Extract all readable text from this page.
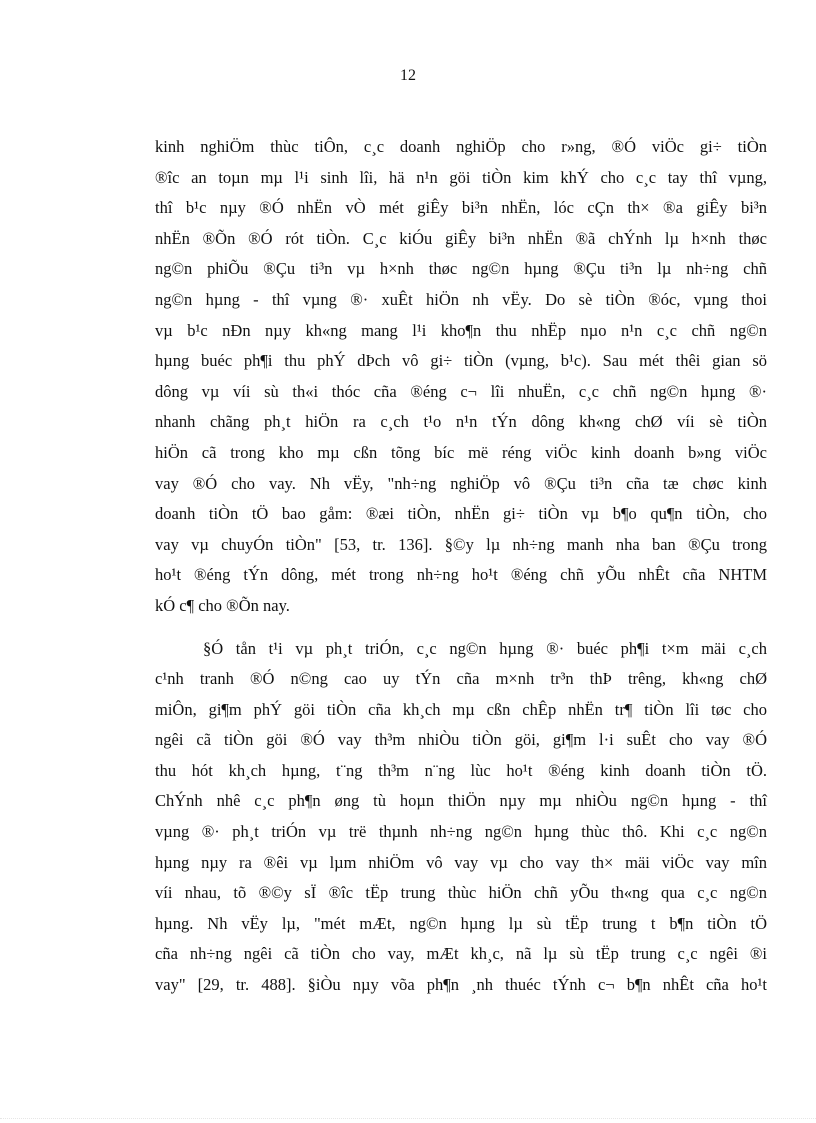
12
kinh nghiÖm thùc tiÔn, c¸c doanh nghiÖp cho r»ng, ®Ó viÖc gi÷ tiÒn
®îc an toµn mµ l¹i sinh lîi, hä n¹n göi tiÒn kim khÝ cho c¸c tay thî vµng,
thî b¹c nµy ®Ó nhËn vÒ mét giÊy bi³n nhËn, lóc cÇn th× ®a giÊy bi³n
nhËn ®Õn ®Ó rót tiÒn. C¸c kiÓu giÊy bi³n nhËn ®ã chÝnh lµ h×nh thøc
ng©n phiÕu ®Çu ti³n vµ h×nh thøc ng©n hµng ®Çu ti³n lµ nh÷ng chñ
ng©n hµng - thî vµng ®· xuÊt hiÖn nh vËy. Do sè tiÒn ®óc, vµng thoi
vµ b¹c nÐn nµy kh«ng mang l¹i kho¶n thu nhËp nµo n¹n c¸c chñ ng©n
hµng buéc ph¶i thu phÝ dÞch vô gi÷ tiÒn (vµng, b¹c). Sau mét thêi gian sö
dông vµ víi sù th«i thóc cña ®éng c¬ lîi nhuËn, c¸c chñ ng©n hµng ®·
nhanh chãng ph¸t hiÖn ra c¸ch t¹o n¹n tÝn dông kh«ng chØ víi sè tiÒn
hiÖn cã trong kho mµ cßn tõng bíc më réng viÖc kinh doanh b»ng viÖc
vay ®Ó cho vay. Nh vËy, "nh÷ng nghiÖp vô ®Çu ti³n cña tæ chøc kinh
doanh tiÒn tÖ bao gåm: ®æi tiÒn, nhËn gi÷ tiÒn vµ b¶o qu¶n tiÒn, cho
vay vµ chuyÓn tiÒn" [53, tr. 136]. §©y lµ nh÷ng manh nha ban ®Çu trong
ho¹t ®éng tÝn dông, mét trong nh÷ng ho¹t ®éng chñ yÕu nhÊt cña NHTM
kÓ c¶ cho ®Õn nay.
§Ó tån t¹i vµ ph¸t triÓn, c¸c ng©n hµng ®· buéc ph¶i t×m mäi c¸ch
c¹nh tranh ®Ó n©ng cao uy tÝn cña m×nh tr³n thÞ trêng, kh«ng chØ
miÔn, gi¶m phÝ göi tiÒn cña kh¸ch mµ cßn chÊp nhËn tr¶ tiÒn lîi tøc cho
ngêi cã tiÒn göi ®Ó vay th³m nhiÒu tiÒn göi, gi¶m l·i suÊt cho vay ®Ó
thu hót kh¸ch hµng, t¨ng th³m n¨ng lùc ho¹t ®éng kinh doanh tiÒn tÖ.
ChÝnh nhê c¸c ph¶n øng tù hoµn thiÖn nµy mµ nhiÒu ng©n hµng - thî
vµng ®· ph¸t triÓn vµ trë thµnh nh÷ng ng©n hµng thùc thô. Khi c¸c ng©n
hµng nµy ra ®êi vµ lµm nhiÖm vô vay vµ cho vay th× mäi viÖc vay mîn
víi nhau, tõ ®©y sÏ ®îc tËp trung thùc hiÖn chñ yÕu th«ng qua c¸c ng©n
hµng. Nh vËy lµ, "mét mÆt, ng©n hµng lµ sù tËp trung t b¶n tiÒn tÖ
cña nh÷ng ngêi cã tiÒn cho vay, mÆt kh¸c, nã lµ sù tËp trung c¸c ngêi ®i
vay" [29, tr. 488]. §iÒu nµy võa ph¶n ¸nh thuéc tÝnh c¬ b¶n nhÊt cña ho¹t
